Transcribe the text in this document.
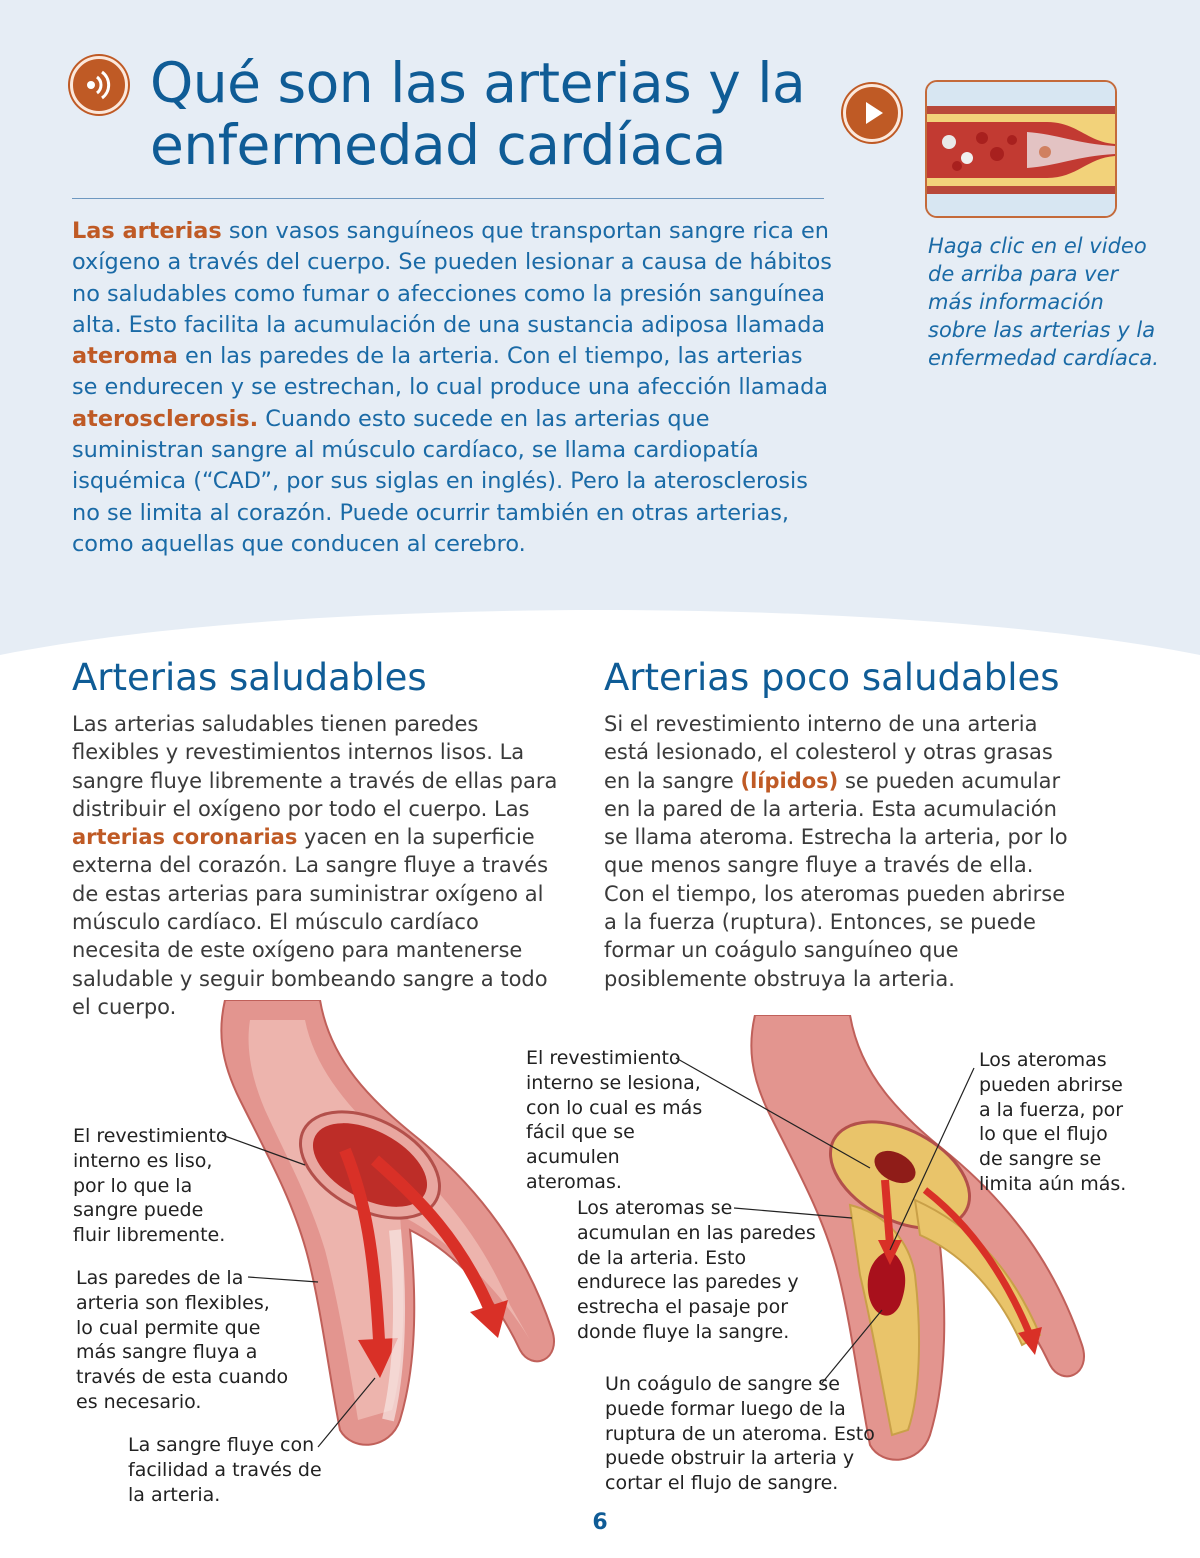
Qué son las arterias y la enfermedad cardíaca

Las arterias son vasos sanguíneos que transportan sangre rica en oxígeno a través del cuerpo. Se pueden lesionar a causa de hábitos no saludables como fumar o afecciones como la presión sanguínea alta. Esto facilita la acumulación de una sustancia adiposa llamada ateroma en las paredes de la arteria. Con el tiempo, las arterias se endurecen y se estrechan, lo cual produce una afección llamada aterosclerosis. Cuando esto sucede en las arterias que suministran sangre al músculo cardíaco, se llama cardiopatía isquémica (“CAD”, por sus siglas en inglés). Pero la aterosclerosis no se limita al corazón. Puede ocurrir también en otras arterias, como aquellas que conducen al cerebro.

Haga clic en el video de arriba para ver más información sobre las arterias y la enfermedad cardíaca.

Arterias saludables

Las arterias saludables tienen paredes flexibles y revestimientos internos lisos. La sangre fluye libremente a través de ellas para distribuir el oxígeno por todo el cuerpo. Las arterias coronarias yacen en la superficie externa del corazón. La sangre fluye a través de estas arterias para suministrar oxígeno al músculo cardíaco. El músculo cardíaco necesita de este oxígeno para mantenerse saludable y seguir bombeando sangre a todo el cuerpo.

Arterias poco saludables

Si el revestimiento interno de una arteria está lesionado, el colesterol y otras grasas en la sangre (lípidos) se pueden acumular en la pared de la arteria. Esta acumulación se llama ateroma. Estrecha la arteria, por lo que menos sangre fluye a través de ella. Con el tiempo, los ateromas pueden abrirse a la fuerza (ruptura). Entonces, se puede formar un coágulo sanguíneo que posiblemente obstruya la arteria.

El revestimiento interno es liso, por lo que la sangre puede fluir libremente.

Las paredes de la arteria son flexibles, lo cual permite que más sangre fluya a través de esta cuando es necesario.

La sangre fluye con facilidad a través de la arteria.

El revestimiento interno se lesiona, con lo cual es más fácil que se acumulen ateromas.

Los ateromas pueden abrirse a la fuerza, por lo que el flujo de sangre se limita aún más.

Los ateromas se acumulan en las paredes de la arteria. Esto endurece las paredes y estrecha el pasaje por donde fluye la sangre.

Un coágulo de sangre se puede formar luego de la ruptura de un ateroma. Esto puede obstruir la arteria y cortar el flujo de sangre.

6
